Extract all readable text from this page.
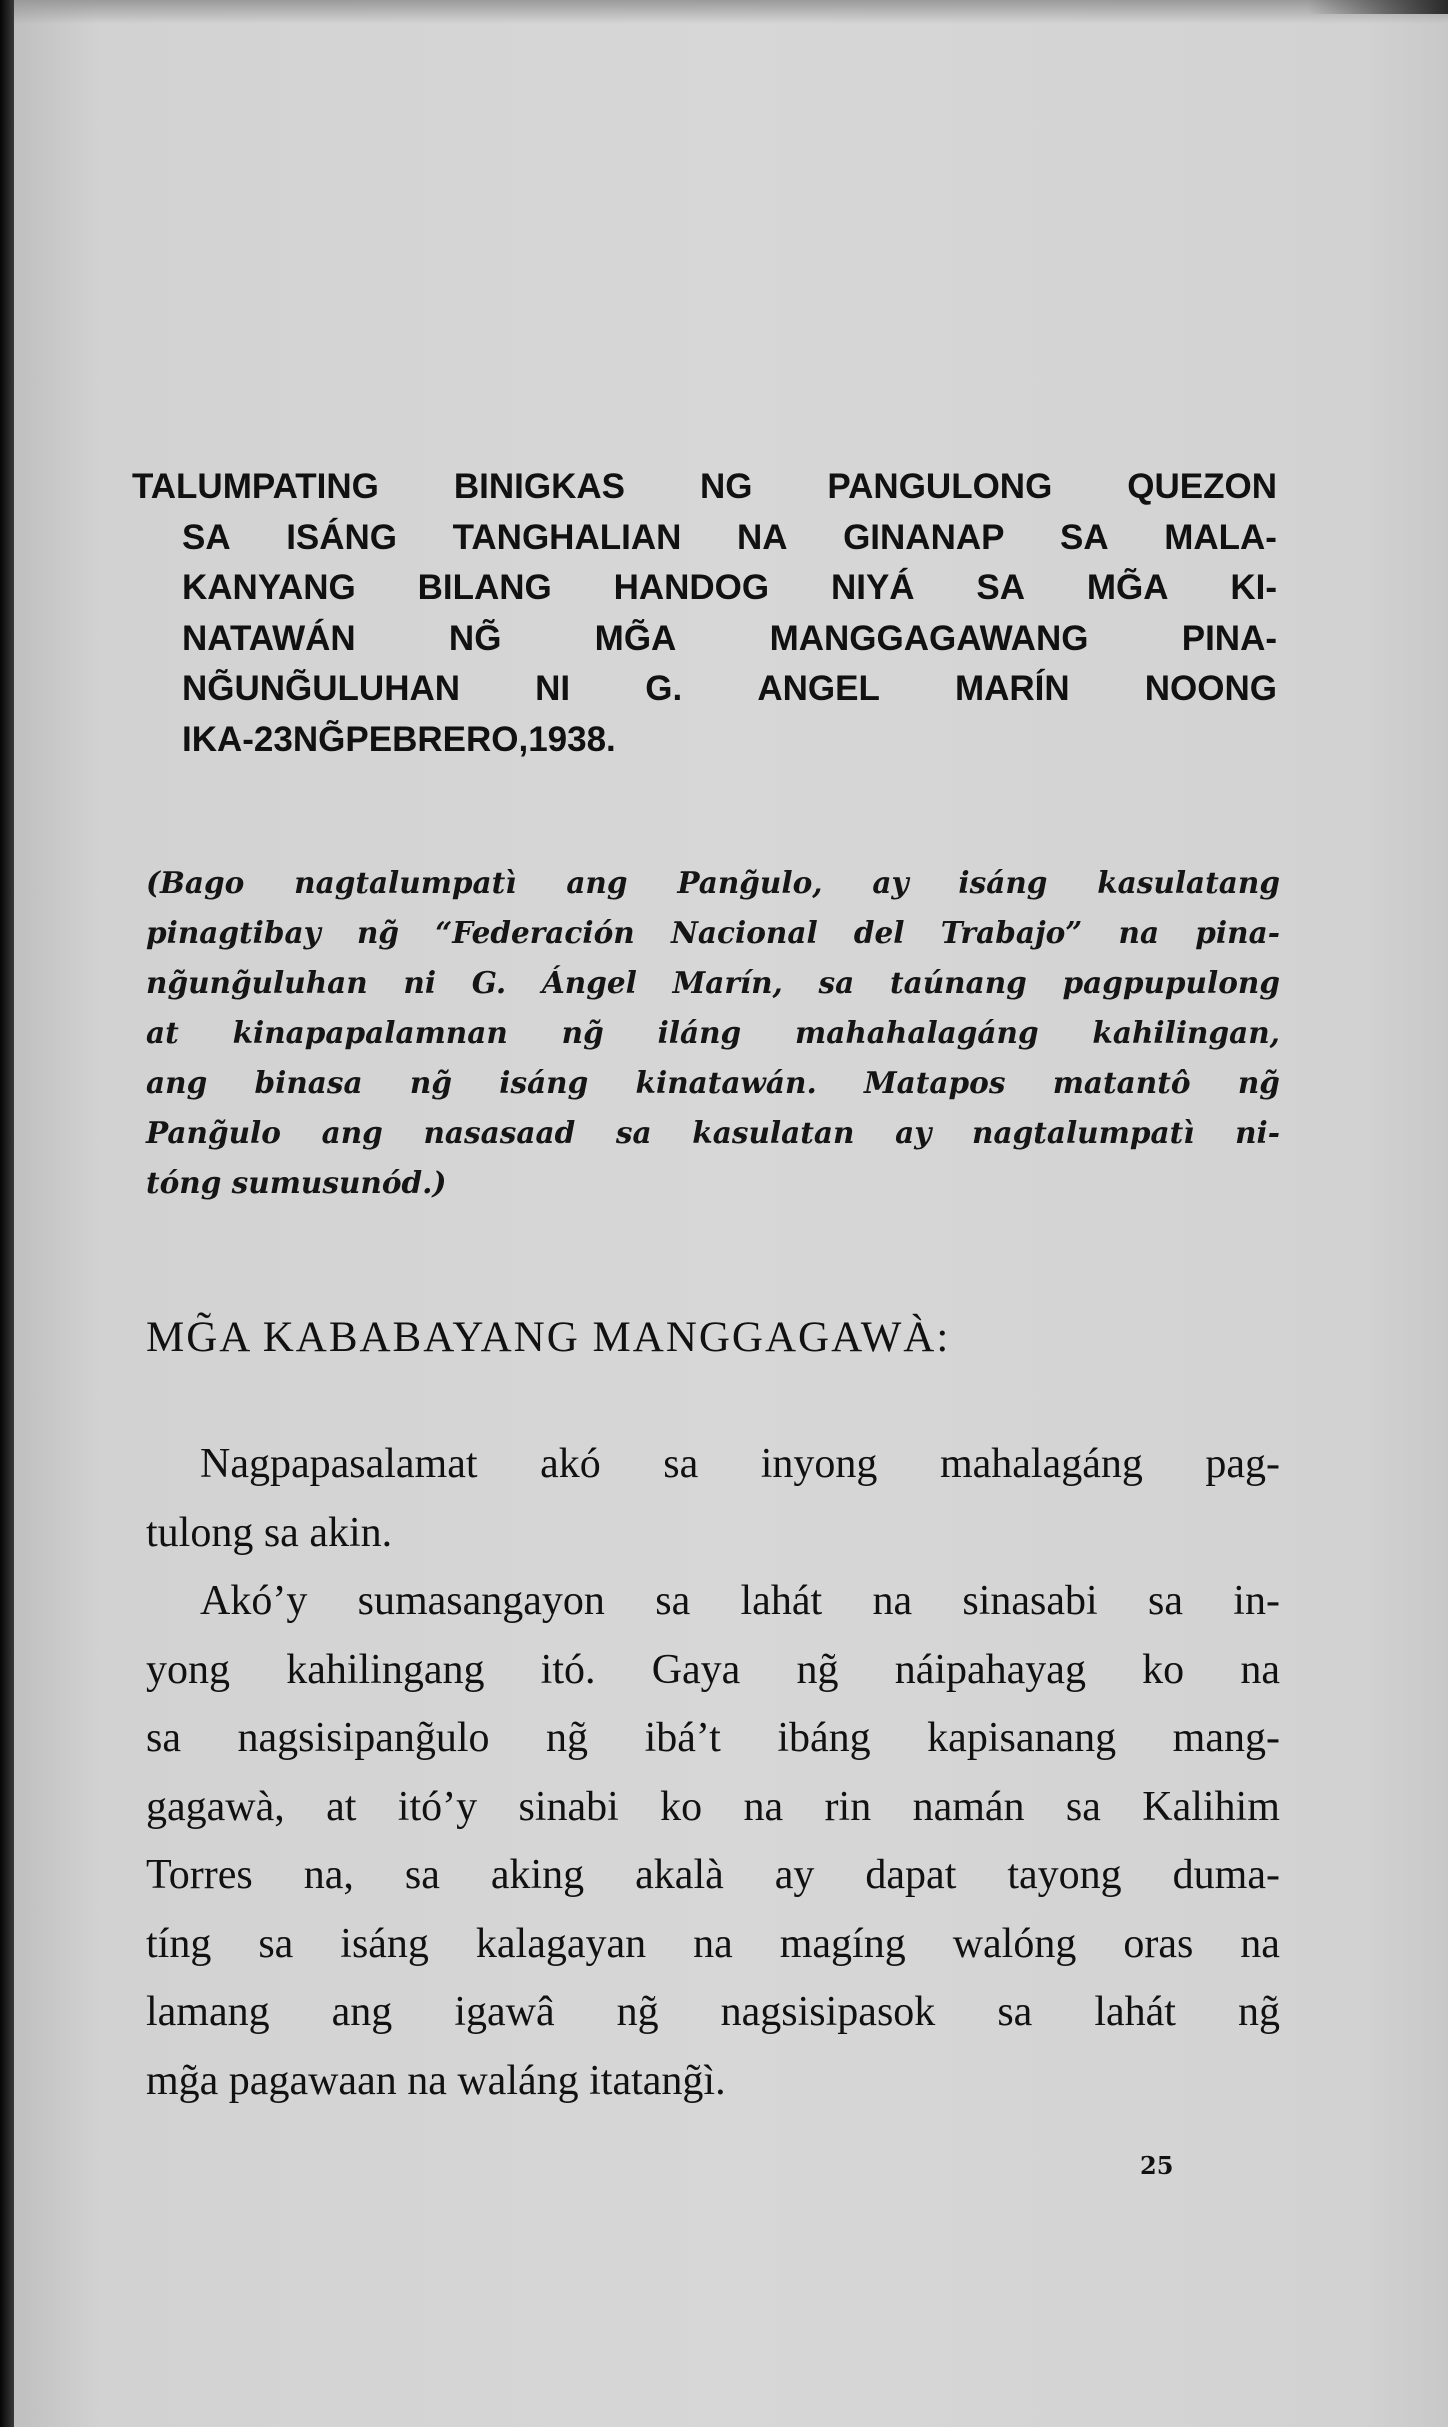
TALUMPATING BINIGKAS NG PANGULONG QUEZON
SA ISÁNG TANGHALIAN NA GINANAP SA MALA-
KANYANG BILANG HANDOG NIYÁ SA MG̃A KI-
NATAWÁN	NG̃	MG̃A	MANGGAGAWANG	PINA-
NG̃UNG̃ULUHAN NI G. ANGEL MARÍN NOONG
IKA-23NG̃PEBRERO,1938.
(Bago nagtalumpatì ang Pang̃ulo, ay isáng kasulatang
pinagtibay ng̃ “Federación Nacional del Trabajo” na pina-
ng̃ung̃uluhan ni G. Ángel Marín, sa taúnang pagpupulong
at kinapapalamnan ng̃ iláng mahahalagáng kahilingan,
ang binasa ng̃ isáng kinatawán. Matapos matantô ng̃
Pang̃ulo ang nasasaad sa kasulatan ay nagtalumpatì ni-
tóng sumusunód.)
MG̃A KABABAYANG MANGGAGAWÀ:
Nagpapasalamat akó sa inyong mahalagáng pag-
tulong sa akin.
Akó’y sumasangayon sa lahát na sinasabi sa in-
yong kahilingang itó. Gaya ng̃ náipahayag ko na
sa nagsisipang̃ulo ng̃ ibá’t ibáng kapisanang mang-
gagawà, at itó’y sinabi ko na rin namán sa Kalihim
Torres na, sa aking akalà ay dapat tayong duma-
tíng sa isáng kalagayan na magíng walóng oras na
lamang ang igawâ ng̃ nagsisipasok sa lahát ng̃
mg̃a pagawaan na waláng itatang̃ì.
25
